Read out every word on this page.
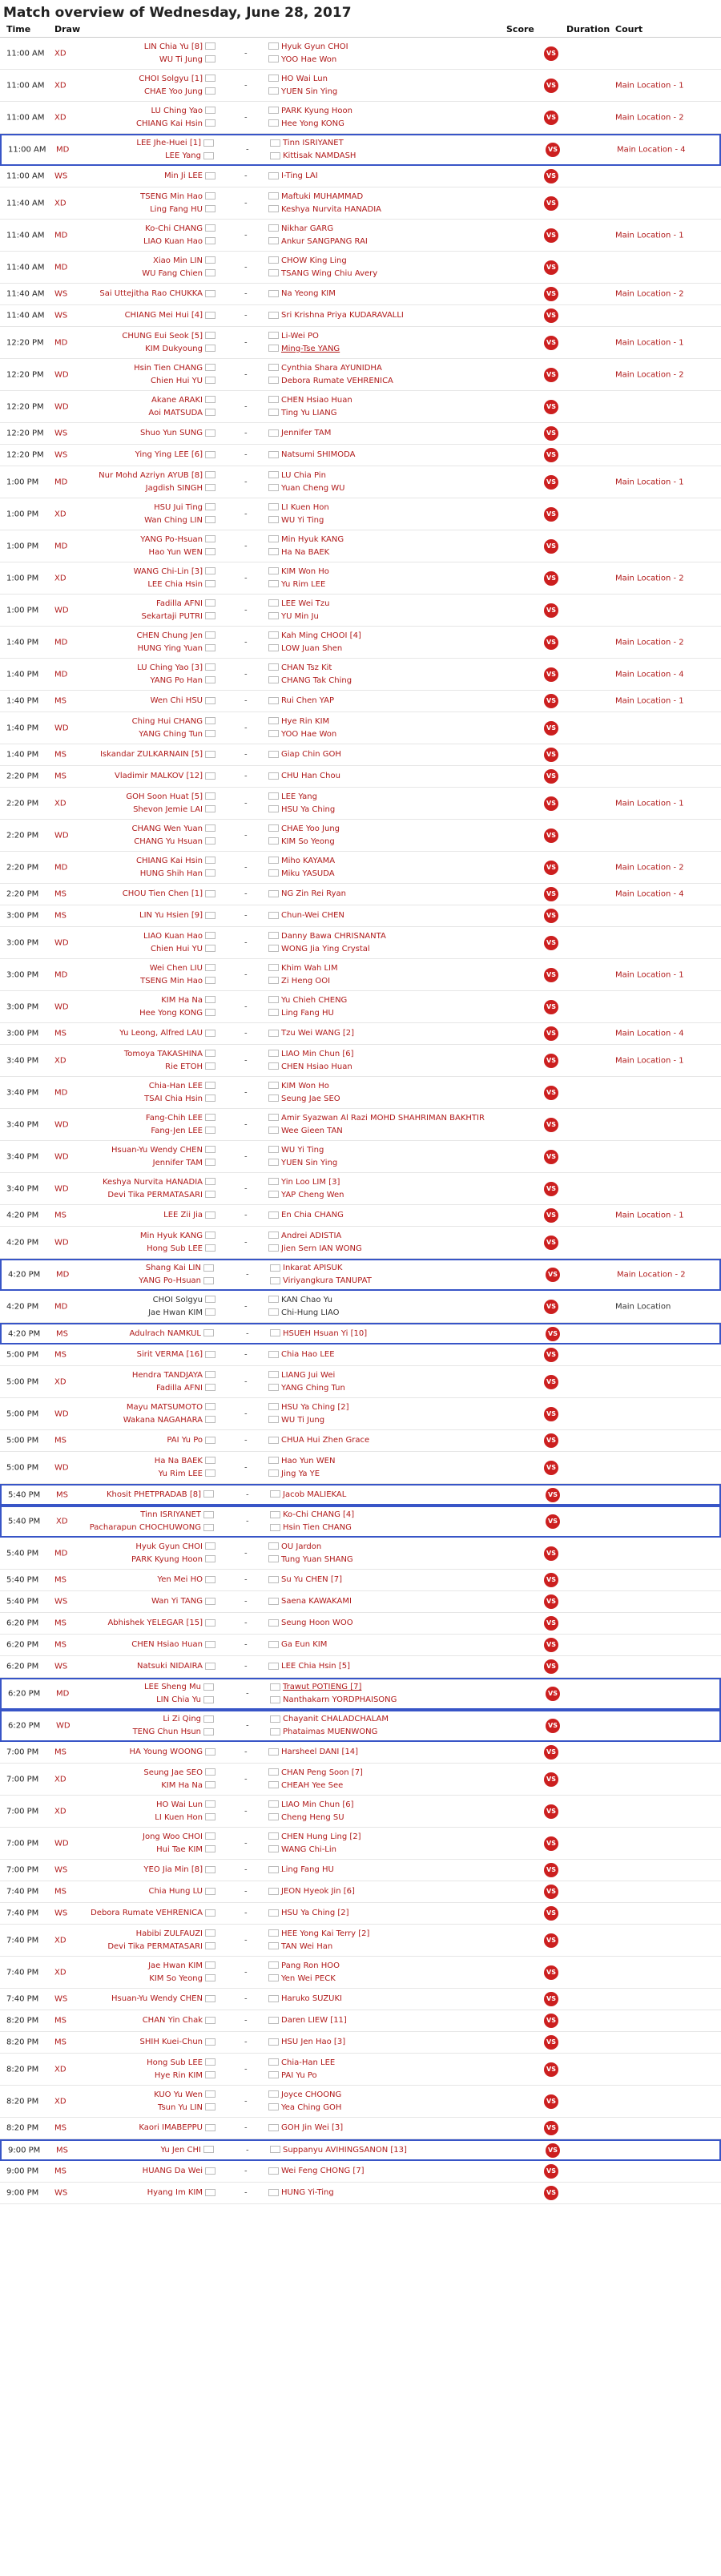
Match overview of Wednesday, June 28, 2017
Time	Draw	Score	Duration Court
11:00 AM XD
LIN Chia Yu [8]
WU Ti Jung
-
Hyuk Gyun CHOI
YOO Hae Won
VS
11:00 AM XD
CHOI Solgyu [1]
CHAE Yoo Jung
-
HO Wai Lun
YUEN Sin Ying
VS	Main Location - 1
11:00 AM XD
LU Ching Yao
CHIANG Kai Hsin
-
PARK Kyung Hoon
Hee Yong KONG
VS	Main Location - 2
11:00 AM MD
LEE Jhe-Huei [1]
LEE Yang
-
Tinn ISRIYANET
Kittisak NAMDASH
VS	Main Location - 4
11:00 AM WS	Min Ji LEE	-	I-Ting LAI	VS
11:40 AM XD
TSENG Min Hao
Ling Fang HU
-
Maftuki MUHAMMAD
Keshya Nurvita HANADIA
VS
11:40 AM MD
Ko-Chi CHANG
LIAO Kuan Hao
-
Nikhar GARG
Ankur SANGPANG RAI
VS	Main Location - 1
11:40 AM MD
Xiao Min LIN
WU Fang Chien
-
CHOW King Ling
TSANG Wing Chiu Avery
VS
11:40 AM WS	Sai Uttejitha Rao CHUKKA	-	Na Yeong KIM	VS	Main Location - 2
11:40 AM WS	CHIANG Mei Hui [4]	-	Sri Krishna Priya KUDARAVALLI	VS
12:20 PM MD
CHUNG Eui Seok [5]
KIM Dukyoung
-
Li-Wei PO
Ming-Tse YANG
VS	Main Location - 1
12:20 PM WD
Hsin Tien CHANG
Chien Hui YU
-
Cynthia Shara AYUNIDHA
Debora Rumate VEHRENICA
VS	Main Location - 2
12:20 PM WD
Akane ARAKI
Aoi MATSUDA
-
CHEN Hsiao Huan
Ting Yu LIANG
VS
12:20 PM WS	Shuo Yun SUNG	-	Jennifer TAM	VS
12:20 PM WS	Ying Ying LEE [6]	-	Natsumi SHIMODA	VS
1:00 PM MD
Nur Mohd Azriyn AYUB [8]
Jagdish SINGH
-
LU Chia Pin
Yuan Cheng WU
VS	Main Location - 1
1:00 PM XD
HSU Jui Ting
Wan Ching LIN
-
LI Kuen Hon
WU Yi Ting
VS
1:00 PM MD
YANG Po-Hsuan
Hao Yun WEN
-
Min Hyuk KANG
Ha Na BAEK
VS
1:00 PM XD
WANG Chi-Lin [3]
LEE Chia Hsin
-
KIM Won Ho
Yu Rim LEE
VS	Main Location - 2
1:00 PM WD
Fadilla AFNI
Sekartaji PUTRI
-
LEE Wei Tzu
YU Min Ju
VS
1:40 PM MD
CHEN Chung Jen
HUNG Ying Yuan
-
Kah Ming CHOOI [4]
LOW Juan Shen
VS	Main Location - 2
1:40 PM MD
LU Ching Yao [3]
YANG Po Han
-
CHAN Tsz Kit
CHANG Tak Ching
VS	Main Location - 4
1:40 PM MS	Wen Chi HSU	-	Rui Chen YAP	VS	Main Location - 1
1:40 PM WD
Ching Hui CHANG
YANG Ching Tun
-
Hye Rin KIM
YOO Hae Won
VS
1:40 PM MS	Iskandar ZULKARNAIN [5]	-	Giap Chin GOH	VS
2:20 PM MS	Vladimir MALKOV [12]	-	CHU Han Chou	VS
2:20 PM XD
GOH Soon Huat [5]
Shevon Jemie LAI
-
LEE Yang
HSU Ya Ching
VS	Main Location - 1
2:20 PM WD
CHANG Wen Yuan
CHANG Yu Hsuan
-
CHAE Yoo Jung
KIM So Yeong
VS
2:20 PM MD
CHIANG Kai Hsin
HUNG Shih Han
-
Miho KAYAMA
Miku YASUDA
VS	Main Location - 2
2:20 PM MS	CHOU Tien Chen [1]	-	NG Zin Rei Ryan	VS	Main Location - 4
3:00 PM MS	LIN Yu Hsien [9]	-	Chun-Wei CHEN	VS
3:00 PM WD
LIAO Kuan Hao
Chien Hui YU
-
Danny Bawa CHRISNANTA
WONG Jia Ying Crystal
VS
3:00 PM MD
Wei Chen LIU
TSENG Min Hao
-
Khim Wah LIM
Zi Heng OOI
VS	Main Location - 1
3:00 PM WD
KIM Ha Na
Hee Yong KONG
-
Yu Chieh CHENG
Ling Fang HU
VS
3:00 PM MS	Yu Leong, Alfred LAU	-	Tzu Wei WANG [2]	VS	Main Location - 4
3:40 PM XD
Tomoya TAKASHINA
Rie ETOH
-
LIAO Min Chun [6]
CHEN Hsiao Huan
VS	Main Location - 1
3:40 PM MD
Chia-Han LEE
TSAI Chia Hsin
-
KIM Won Ho
Seung Jae SEO
VS
3:40 PM WD
Fang-Chih LEE
Fang-Jen LEE
-
Amir Syazwan Al Razi MOHD SHAHRIMAN BAKHTIR
Wee Gieen TAN
VS
3:40 PM WD
Hsuan-Yu Wendy CHEN
Jennifer TAM
-
WU Yi Ting
YUEN Sin Ying
VS
3:40 PM WD
Keshya Nurvita HANADIA
Devi Tika PERMATASARI
-
Yin Loo LIM [3]
YAP Cheng Wen
VS
4:20 PM MS	LEE Zii Jia	-	En Chia CHANG	VS	Main Location - 1
4:20 PM WD
Min Hyuk KANG
Hong Sub LEE
-
Andrei ADISTIA
Jien Sern IAN WONG
VS
4:20 PM MD
Shang Kai LIN
YANG Po-Hsuan
-
Inkarat APISUK
Viriyangkura TANUPAT
VS	Main Location - 2
4:20 PM MD
CHOI Solgyu
Jae Hwan KIM
-
KAN Chao Yu
Chi-Hung LIAO
VS	Main Location
4:20 PM MS	Adulrach NAMKUL	-	HSUEH Hsuan Yi [10]	VS
5:00 PM MS	Sirit VERMA [16]	-	Chia Hao LEE	VS
5:00 PM XD
Hendra TANDJAYA
Fadilla AFNI
-
LIANG Jui Wei
YANG Ching Tun
VS
5:00 PM WD
Mayu MATSUMOTO
Wakana NAGAHARA
-
HSU Ya Ching [2]
WU Ti Jung
VS
5:00 PM MS	PAI Yu Po	-	CHUA Hui Zhen Grace	VS
5:00 PM WD
Ha Na BAEK
Yu Rim LEE
-
Hao Yun WEN
Jing Ya YE
VS
5:40 PM MS	Khosit PHETPRADAB [8]	-	Jacob MALIEKAL	VS
5:40 PM XD
Tinn ISRIYANET
Pacharapun CHOCHUWONG
-
Ko-Chi CHANG [4]
Hsin Tien CHANG
VS
5:40 PM MD
Hyuk Gyun CHOI
PARK Kyung Hoon
-
OU Jardon
Tung Yuan SHANG
VS
5:40 PM MS	Yen Mei HO	-	Su Yu CHEN [7]	VS
5:40 PM WS	Wan Yi TANG	-	Saena KAWAKAMI	VS
6:20 PM MS	Abhishek YELEGAR [15]	-	Seung Hoon WOO	VS
6:20 PM MS	CHEN Hsiao Huan	-	Ga Eun KIM	VS
6:20 PM WS	Natsuki NIDAIRA	-	LEE Chia Hsin [5]	VS
6:20 PM MD
LEE Sheng Mu
LIN Chia Yu
-
Trawut POTIENG [7]
Nanthakarn YORDPHAISONG
VS
6:20 PM WD
Li Zi Qing
TENG Chun Hsun
-
Chayanit CHALADCHALAM
Phataimas MUENWONG
VS
7:00 PM MS	HA Young WOONG	-	Harsheel DANI [14]	VS
7:00 PM XD
Seung Jae SEO
KIM Ha Na
-
CHAN Peng Soon [7]
CHEAH Yee See
VS
7:00 PM XD
HO Wai Lun
LI Kuen Hon
-
LIAO Min Chun [6]
Cheng Heng SU
VS
7:00 PM WD
Jong Woo CHOI
Hui Tae KIM
-
CHEN Hung Ling [2]
WANG Chi-Lin
VS
7:00 PM WS	YEO Jia Min [8]	-	Ling Fang HU	VS
7:40 PM MS	Chia Hung LU	-	JEON Hyeok Jin [6]	VS
7:40 PM WS	Debora Rumate VEHRENICA	-	HSU Ya Ching [2]	VS
7:40 PM XD
Habibi ZULFAUZI
Devi Tika PERMATASARI
-
HEE Yong Kai Terry [2]
TAN Wei Han
VS
7:40 PM XD
Jae Hwan KIM
KIM So Yeong
-
Pang Ron HOO
Yen Wei PECK
VS
7:40 PM WS	Hsuan-Yu Wendy CHEN	-	Haruko SUZUKI	VS
8:20 PM MS	CHAN Yin Chak	-	Daren LIEW [11]	VS
8:20 PM MS	SHIH Kuei-Chun	-	HSU Jen Hao [3]	VS
8:20 PM XD
Hong Sub LEE
Hye Rin KIM
-
Chia-Han LEE
PAI Yu Po
VS
8:20 PM XD
KUO Yu Wen
Tsun Yu LIN
-
Joyce CHOONG
Yea Ching GOH
VS
8:20 PM MS	Kaori IMABEPPU	-	GOH Jin Wei [3]	VS
9:00 PM MS	Yu Jen CHI	-	Suppanyu AVIHINGSANON [13]	VS
9:00 PM MS	HUANG Da Wei	-	Wei Feng CHONG [7]	VS
9:00 PM WS	Hyang Im KIM	-	HUNG Yi-Ting	VS
